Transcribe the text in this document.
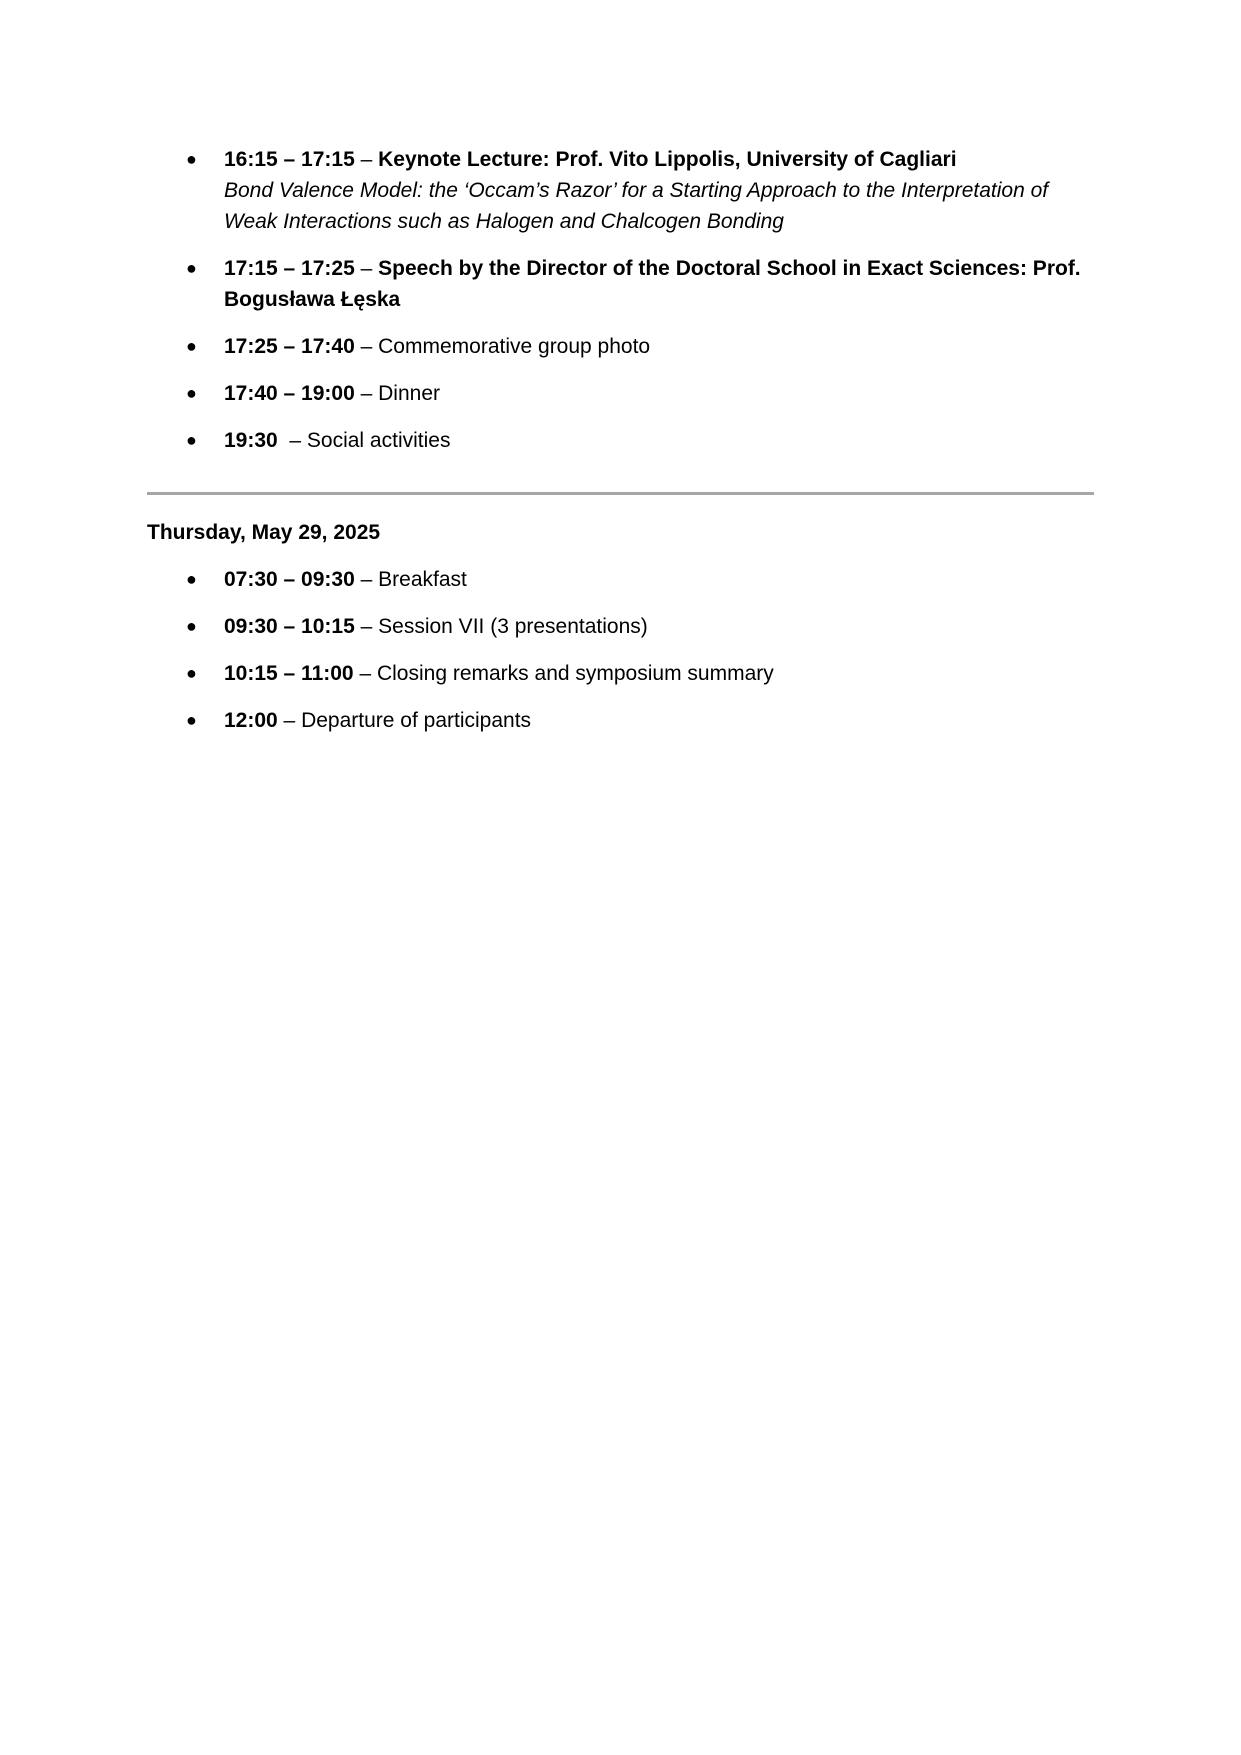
● 16:15 – 17:15 – Keynote Lecture: Prof. Vito Lippolis, University of Cagliari
Bond Valence Model: the ‘Occam’s Razor’ for a Starting Approach to the Interpretation of Weak Interactions such as Halogen and Chalcogen Bonding
● 17:15 – 17:25 – Speech by the Director of the Doctoral School in Exact Sciences: Prof. Bogusława Łęska
● 17:25 – 17:40 – Commemorative group photo
● 17:40 – 19:00 – Dinner
● 19:30  – Social activities
Thursday, May 29, 2025
● 07:30 – 09:30 – Breakfast
● 09:30 – 10:15 – Session VII (3 presentations)
● 10:15 – 11:00 – Closing remarks and symposium summary
● 12:00 – Departure of participants
